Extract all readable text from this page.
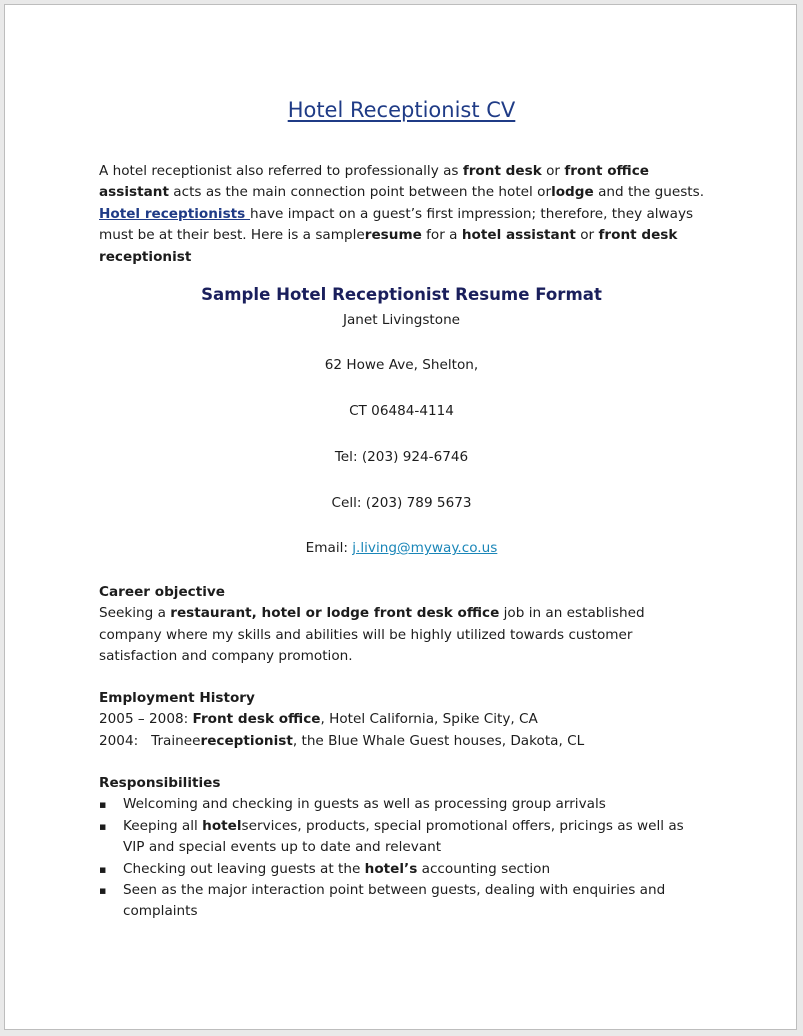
Hotel Receptionist CV
A hotel receptionist also referred to professionally as front desk or front office assistant acts as the main connection point between the hotel orlodge and the guests. Hotel receptionists have impact on a guest’s first impression; therefore, they always must be at their best. Here is a sampleresume for a hotel assistant or front desk receptionist
Sample Hotel Receptionist Resume Format
Janet Livingstone
62 Howe Ave, Shelton,
CT 06484-4114
Tel: (203) 924-6746
Cell: (203) 789 5673
Email: j.living@myway.co.us
Career objective
Seeking a restaurant, hotel or lodge front desk office job in an established company where my skills and abilities will be highly utilized towards customer satisfaction and company promotion.
Employment History
2005 – 2008: Front desk office, Hotel California, Spike City, CA
2004:   Traineereceptionist, the Blue Whale Guest houses, Dakota, CL
Responsibilities
▪ Welcoming and checking in guests as well as processing group arrivals
▪ Keeping all hotelservices, products, special promotional offers, pricings as well as VIP and special events up to date and relevant
▪ Checking out leaving guests at the hotel’s accounting section
▪ Seen as the major interaction point between guests, dealing with enquiries and complaints
